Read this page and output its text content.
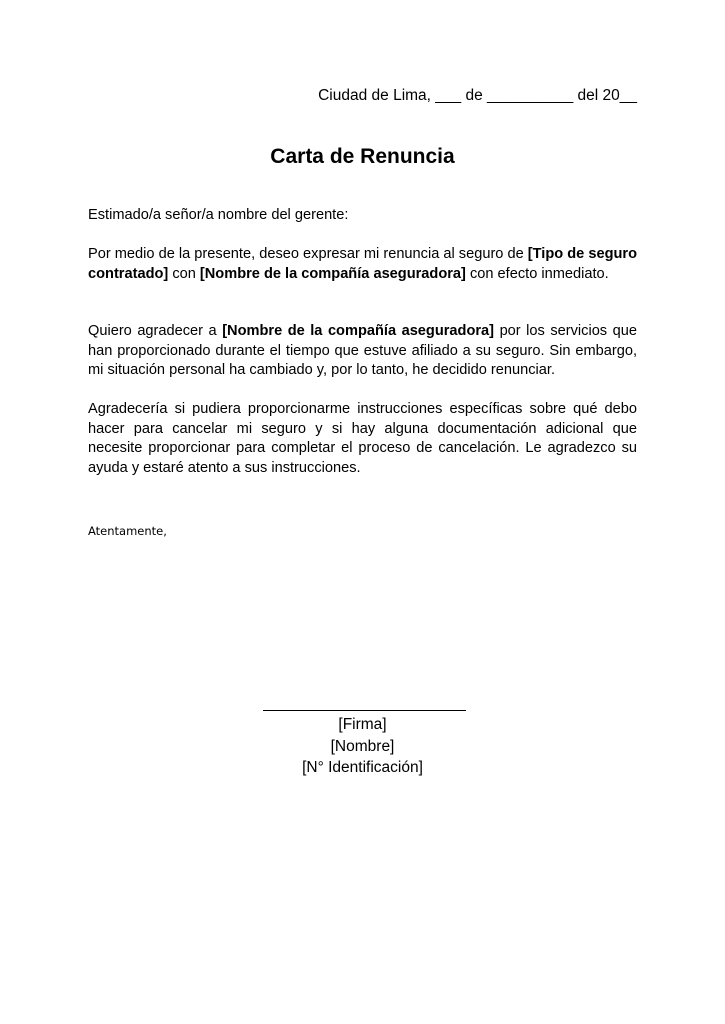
Ciudad de Lima, ___ de __________ del 20__
Carta de Renuncia

Estimado/a señor/a nombre del gerente:

Por medio de la presente, deseo expresar mi renuncia al seguro de [Tipo de seguro contratado] con [Nombre de la compañía aseguradora] con efecto inmediato.

Quiero agradecer a [Nombre de la compañía aseguradora] por los servicios que han proporcionado durante el tiempo que estuve afiliado a su seguro. Sin embargo, mi situación personal ha cambiado y, por lo tanto, he decidido renunciar.

Agradecería si pudiera proporcionarme instrucciones específicas sobre qué debo hacer para cancelar mi seguro y si hay alguna documentación adicional que necesite proporcionar para completar el proceso de cancelación. Le agradezco su ayuda y estaré atento a sus instrucciones.

Atentamente,

[Firma]
[Nombre]
[N° Identificación]
